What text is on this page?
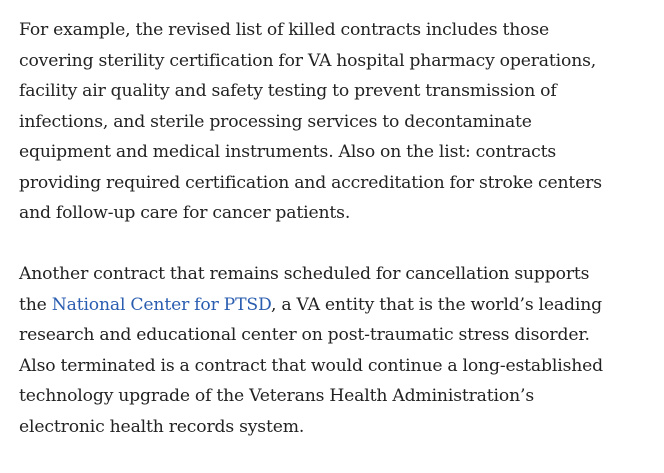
For example, the revised list of killed contracts includes those
covering sterility certification for VA hospital pharmacy operations,
facility air quality and safety testing to prevent transmission of
infections, and sterile processing services to decontaminate
equipment and medical instruments. Also on the list: contracts
providing required certification and accreditation for stroke centers
and follow-up care for cancer patients.

Another contract that remains scheduled for cancellation supports
the National Center for PTSD, a VA entity that is the world’s leading
research and educational center on post-traumatic stress disorder.
Also terminated is a contract that would continue a long-established
technology upgrade of the Veterans Health Administration’s
electronic health records system.
